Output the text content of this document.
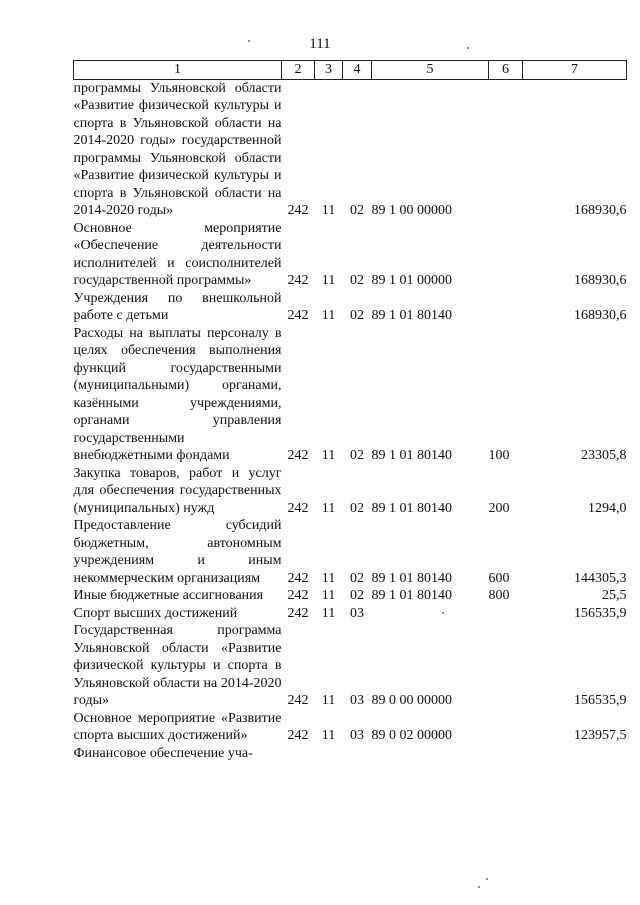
111
1	2	3	4	5	6	7
программы Ульяновской области «Развитие физической культуры и спорта в Ульяновской области на 2014-2020 годы» государственной программы Ульяновской области «Развитие физической культуры и спорта в Ульяновской области на 2014-2020 годы»	242	11	02	89 1 00 00000		168930,6
Основное мероприятие «Обеспечение деятельности исполнителей и соисполнителей государственной программы»	242	11	02	89 1 01 00000		168930,6
Учреждения по внешкольной работе с детьми	242	11	02	89 1 01 80140		168930,6
Расходы на выплаты персоналу в целях обеспечения выполнения функций государственными (муниципальными) органами, казёнными учреждениями, органами управления государственными внебюджетными фондами	242	11	02	89 1 01 80140	100	23305,8
Закупка товаров, работ и услуг для обеспечения государственных (муниципальных) нужд	242	11	02	89 1 01 80140	200	1294,0
Предоставление субсидий бюджетным, автономным учреждениям и иным некоммерческим организациям	242	11	02	89 1 01 80140	600	144305,3
Иные бюджетные ассигнования	242	11	02	89 1 01 80140	800	25,5
Спорт высших достижений	242	11	03			156535,9
Государственная программа Ульяновской области «Развитие физической культуры и спорта в Ульяновской области на 2014-2020 годы»	242	11	03	89 0 00 00000		156535,9
Основное мероприятие «Развитие спорта высших достижений»	242	11	03	89 0 02 00000		123957,5
Финансовое обеспечение уча-						
